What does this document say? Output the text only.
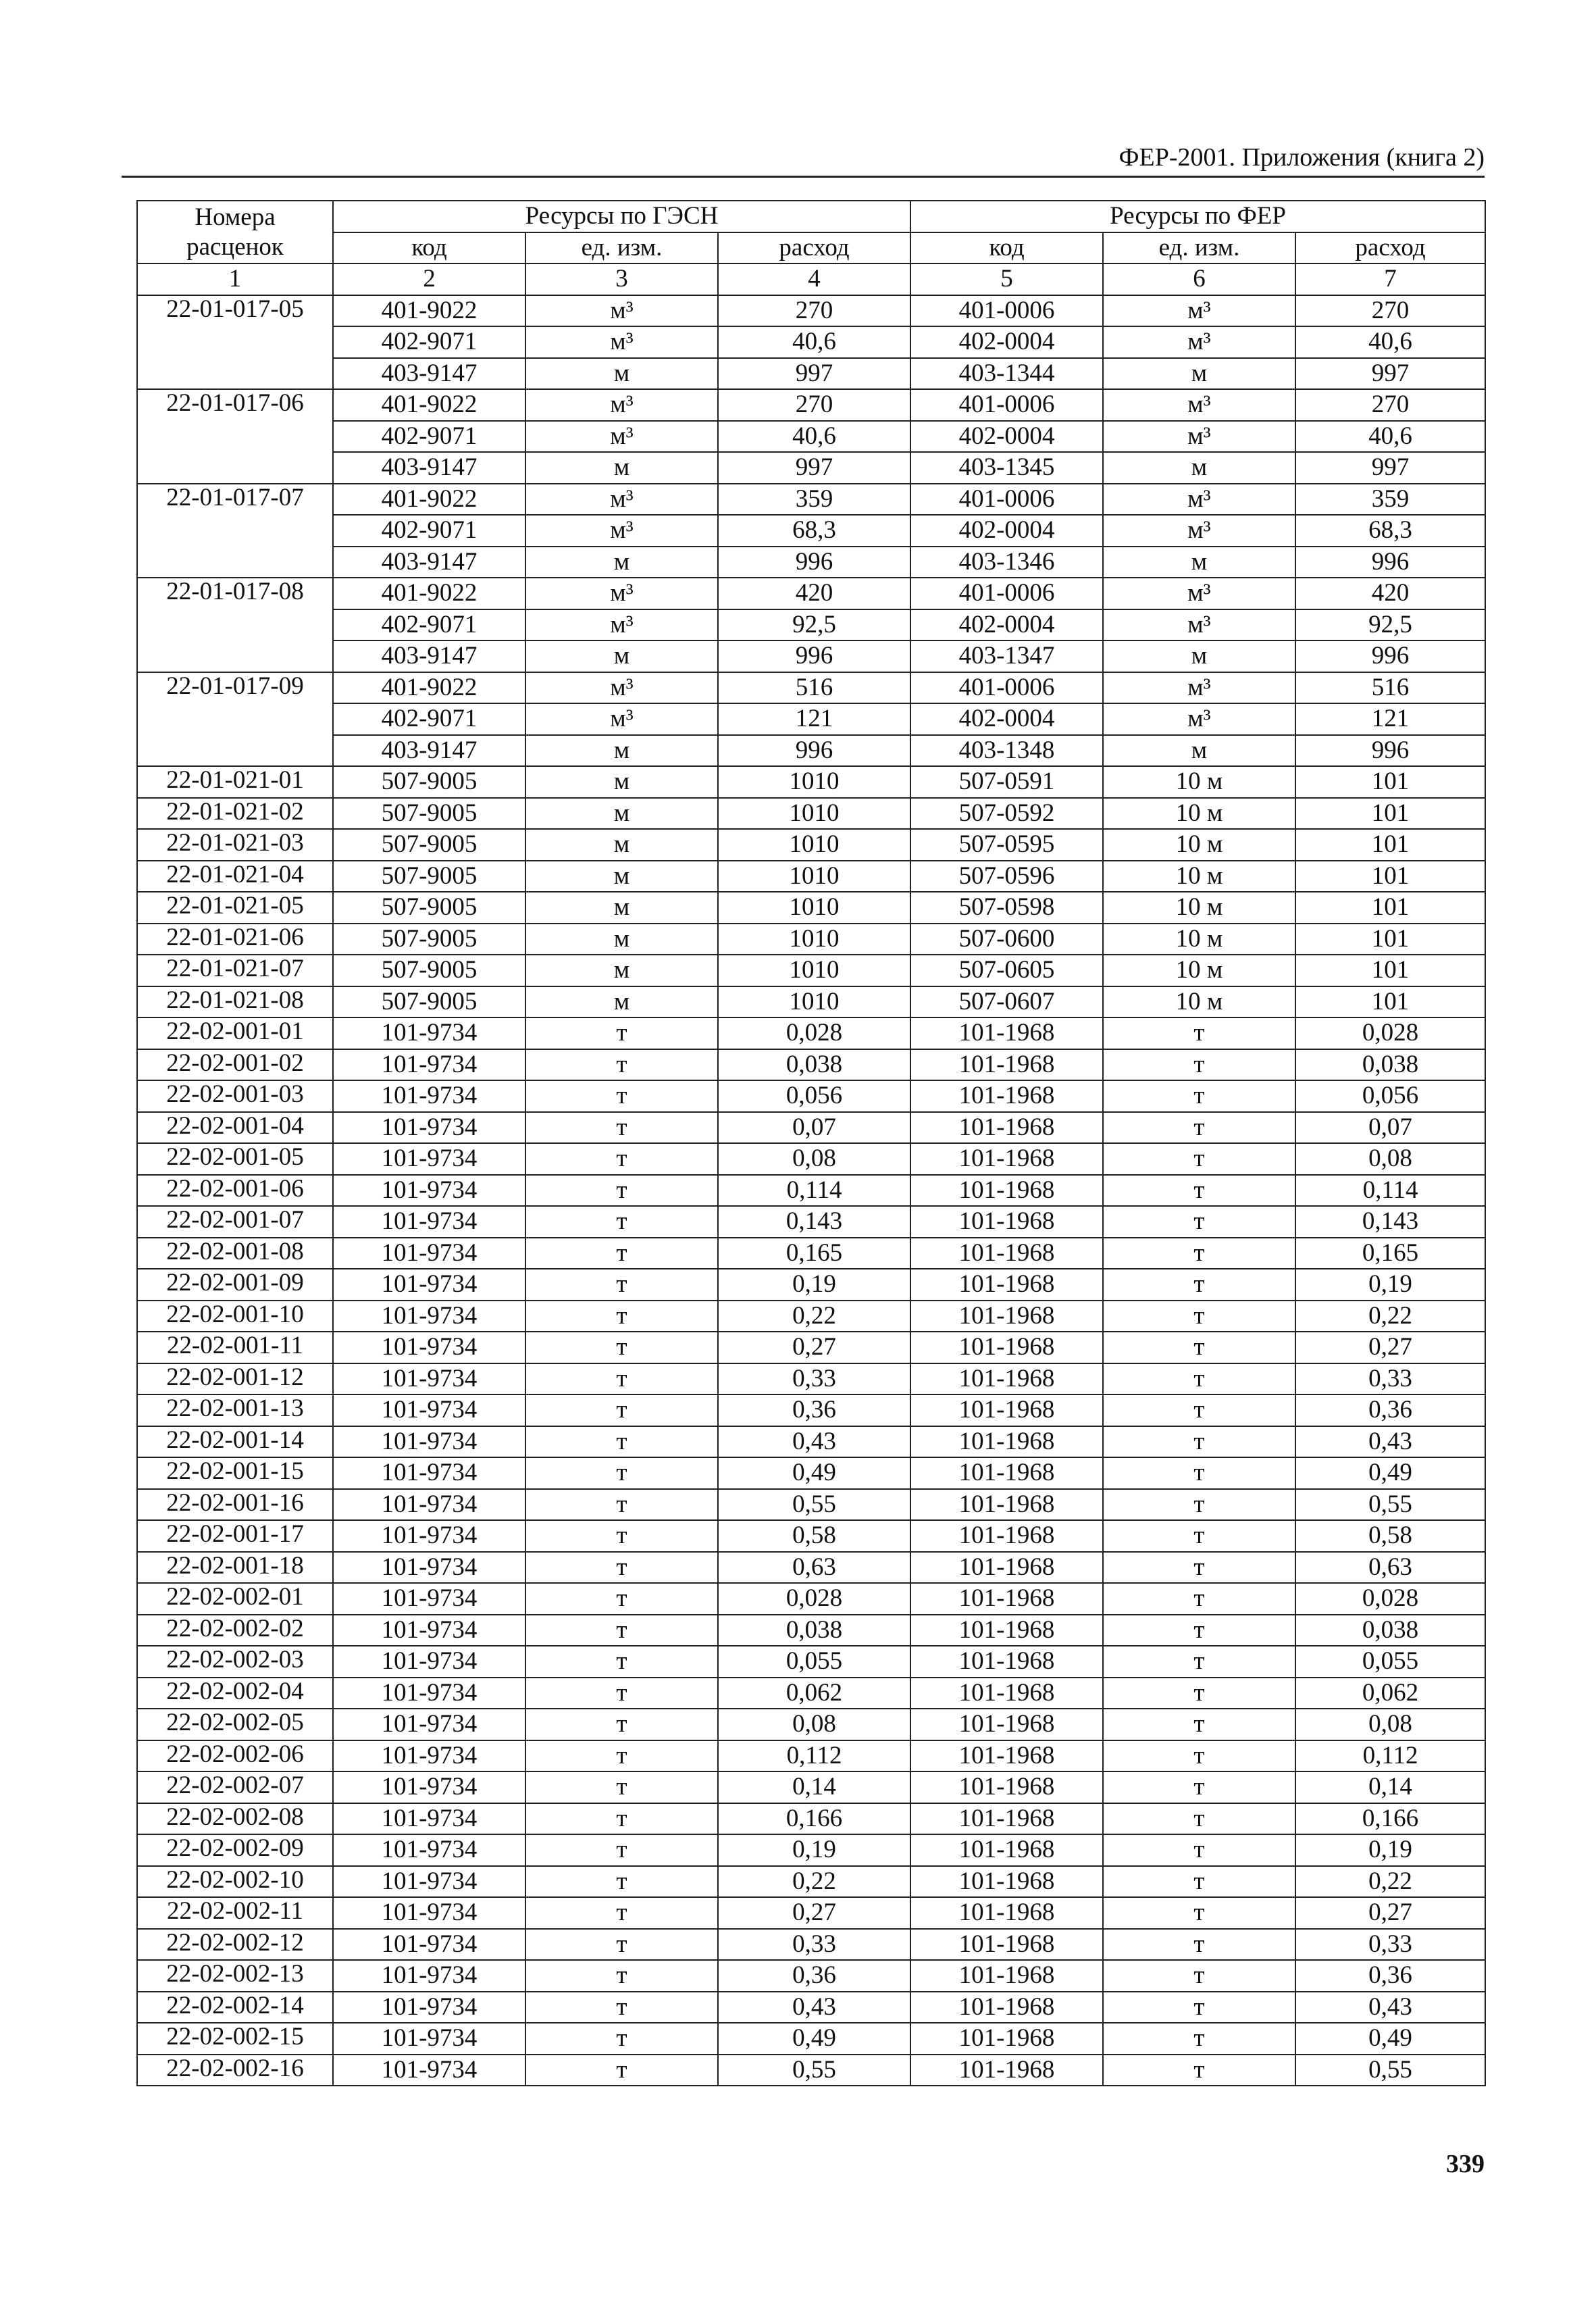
ФЕР-2001. Приложения (книга 2)
Номера расценок	Ресурсы по ГЭСН			Ресурсы по ФЕР		
	код	ед. изм.	расход	код	ед. изм.	расход
1	2	3	4	5	6	7
22-01-017-05	401-9022	м³	270	401-0006	м³	270
	402-9071	м³	40,6	402-0004	м³	40,6
	403-9147	м	997	403-1344	м	997
22-01-017-06	401-9022	м³	270	401-0006	м³	270
	402-9071	м³	40,6	402-0004	м³	40,6
	403-9147	м	997	403-1345	м	997
22-01-017-07	401-9022	м³	359	401-0006	м³	359
	402-9071	м³	68,3	402-0004	м³	68,3
	403-9147	м	996	403-1346	м	996
22-01-017-08	401-9022	м³	420	401-0006	м³	420
	402-9071	м³	92,5	402-0004	м³	92,5
	403-9147	м	996	403-1347	м	996
22-01-017-09	401-9022	м³	516	401-0006	м³	516
	402-9071	м³	121	402-0004	м³	121
	403-9147	м	996	403-1348	м	996
22-01-021-01	507-9005	м	1010	507-0591	10 м	101
22-01-021-02	507-9005	м	1010	507-0592	10 м	101
22-01-021-03	507-9005	м	1010	507-0595	10 м	101
22-01-021-04	507-9005	м	1010	507-0596	10 м	101
22-01-021-05	507-9005	м	1010	507-0598	10 м	101
22-01-021-06	507-9005	м	1010	507-0600	10 м	101
22-01-021-07	507-9005	м	1010	507-0605	10 м	101
22-01-021-08	507-9005	м	1010	507-0607	10 м	101
22-02-001-01	101-9734	т	0,028	101-1968	т	0,028
22-02-001-02	101-9734	т	0,038	101-1968	т	0,038
22-02-001-03	101-9734	т	0,056	101-1968	т	0,056
22-02-001-04	101-9734	т	0,07	101-1968	т	0,07
22-02-001-05	101-9734	т	0,08	101-1968	т	0,08
22-02-001-06	101-9734	т	0,114	101-1968	т	0,114
22-02-001-07	101-9734	т	0,143	101-1968	т	0,143
22-02-001-08	101-9734	т	0,165	101-1968	т	0,165
22-02-001-09	101-9734	т	0,19	101-1968	т	0,19
22-02-001-10	101-9734	т	0,22	101-1968	т	0,22
22-02-001-11	101-9734	т	0,27	101-1968	т	0,27
22-02-001-12	101-9734	т	0,33	101-1968	т	0,33
22-02-001-13	101-9734	т	0,36	101-1968	т	0,36
22-02-001-14	101-9734	т	0,43	101-1968	т	0,43
22-02-001-15	101-9734	т	0,49	101-1968	т	0,49
22-02-001-16	101-9734	т	0,55	101-1968	т	0,55
22-02-001-17	101-9734	т	0,58	101-1968	т	0,58
22-02-001-18	101-9734	т	0,63	101-1968	т	0,63
22-02-002-01	101-9734	т	0,028	101-1968	т	0,028
22-02-002-02	101-9734	т	0,038	101-1968	т	0,038
22-02-002-03	101-9734	т	0,055	101-1968	т	0,055
22-02-002-04	101-9734	т	0,062	101-1968	т	0,062
22-02-002-05	101-9734	т	0,08	101-1968	т	0,08
22-02-002-06	101-9734	т	0,112	101-1968	т	0,112
22-02-002-07	101-9734	т	0,14	101-1968	т	0,14
22-02-002-08	101-9734	т	0,166	101-1968	т	0,166
22-02-002-09	101-9734	т	0,19	101-1968	т	0,19
22-02-002-10	101-9734	т	0,22	101-1968	т	0,22
22-02-002-11	101-9734	т	0,27	101-1968	т	0,27
22-02-002-12	101-9734	т	0,33	101-1968	т	0,33
22-02-002-13	101-9734	т	0,36	101-1968	т	0,36
22-02-002-14	101-9734	т	0,43	101-1968	т	0,43
22-02-002-15	101-9734	т	0,49	101-1968	т	0,49
22-02-002-16	101-9734	т	0,55	101-1968	т	0,55
339
